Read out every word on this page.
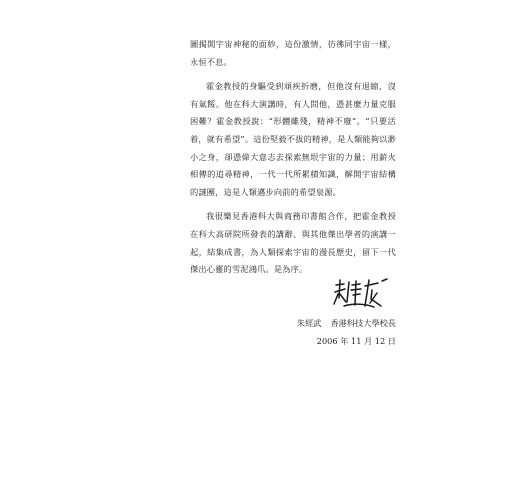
圖揭開宇宙神秘的面紗，這份激情，彷彿同宇宙一樣，永恒不息。

霍金教授的身驅受到頑疾折磨，但他沒有退縮，沒有氣餒。他在科大演講時，有人問他，憑甚麼力量克服困難？霍金教授說：“形體雖殘，精神不廢”。“只要活着，就有希望”。這份堅毅不拔的精神，是人類能夠以渺小之身，卻憑偉大意志去探索無垠宇宙的力量；用薪火相傳的追尋精神，一代一代所累積知識，解開宇宙結構的謎團，這是人類邁步向前的希望泉源。

我很樂見香港科大與商務印書館合作，把霍金教授在科大高研院所發表的講辭、與其他傑出學者的演講一起，結集成書，為人類探索宇宙的漫長歷史，留下一代傑出心靈的雪泥鴻爪。是為序。

朱經武 香港科技大學校長
2006 年 11 月 12 日
